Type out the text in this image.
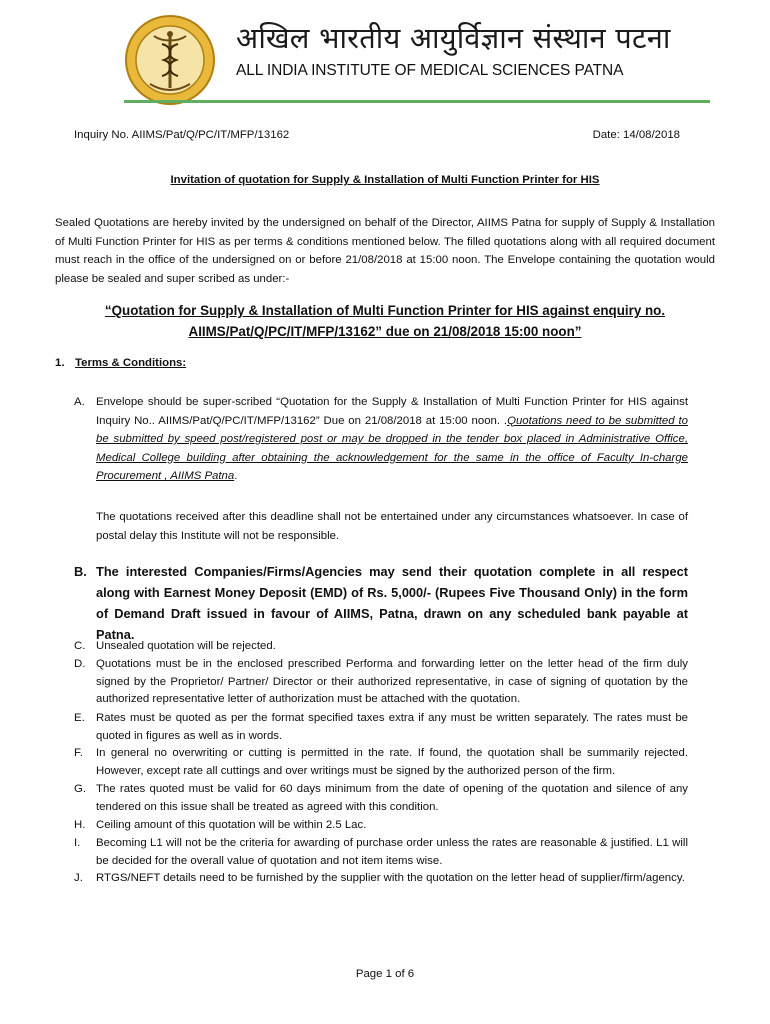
अखिल भारतीय आयुर्विज्ञान संस्थान पटना
ALL INDIA INSTITUTE OF MEDICAL SCIENCES PATNA
Inquiry No. AIIMS/Pat/Q/PC/IT/MFP/13162	Date: 14/08/2018
Invitation of quotation for Supply & Installation of Multi Function Printer for HIS
Sealed Quotations are hereby invited by the undersigned on behalf of the Director, AIIMS Patna for supply of Supply & Installation of Multi Function Printer for HIS as per terms & conditions mentioned below. The filled quotations along with all required document must reach in the office of the undersigned on or before 21/08/2018 at 15:00 noon. The Envelope containing the quotation would please be sealed and super scribed as under:-
“Quotation for Supply & Installation of Multi Function Printer for HIS against enquiry no. AIIMS/Pat/Q/PC/IT/MFP/13162” due on 21/08/2018 15:00 noon”
1. Terms & Conditions:
A. Envelope should be super-scribed “Quotation for the Supply & Installation of Multi Function Printer for HIS against Inquiry No.. AIIMS/Pat/Q/PC/IT/MFP/13162” Due on 21/08/2018 at 15:00 noon. .Quotations need to be submitted to be submitted by speed post/registered post or may be dropped in the tender box placed in Administrative Office, Medical College building after obtaining the acknowledgement for the same in the office of Faculty In-charge Procurement , AIIMS Patna.
The quotations received after this deadline shall not be entertained under any circumstances whatsoever. In case of postal delay this Institute will not be responsible.
B. The interested Companies/Firms/Agencies may send their quotation complete in all respect along with Earnest Money Deposit (EMD) of Rs. 5,000/- (Rupees Five Thousand Only) in the form of Demand Draft issued in favour of AIIMS, Patna, drawn on any scheduled bank payable at Patna.
C. Unsealed quotation will be rejected.
D. Quotations must be in the enclosed prescribed Performa and forwarding letter on the letter head of the firm duly signed by the Proprietor/ Partner/ Director or their authorized representative, in case of signing of quotation by the authorized representative letter of authorization must be attached with the quotation.
E. Rates must be quoted as per the format specified taxes extra if any must be written separately. The rates must be quoted in figures as well as in words.
F.	In general no overwriting or cutting is permitted in the rate. If found, the quotation shall be summarily rejected. However, except rate all cuttings and over writings must be signed by the authorized person of the firm.
G. The rates quoted must be valid for 60 days minimum from the date of opening of the quotation and silence of any tendered on this issue shall be treated as agreed with this condition.
H. Ceiling amount of this quotation will be within 2.5 Lac.
I.	Becoming L1 will not be the criteria for awarding of purchase order unless the rates are reasonable & justified. L1 will be decided for the overall value of quotation and not item items wise.
J.	RTGS/NEFT details need to be furnished by the supplier with the quotation on the letter head of supplier/firm/agency.
Page 1 of 6
